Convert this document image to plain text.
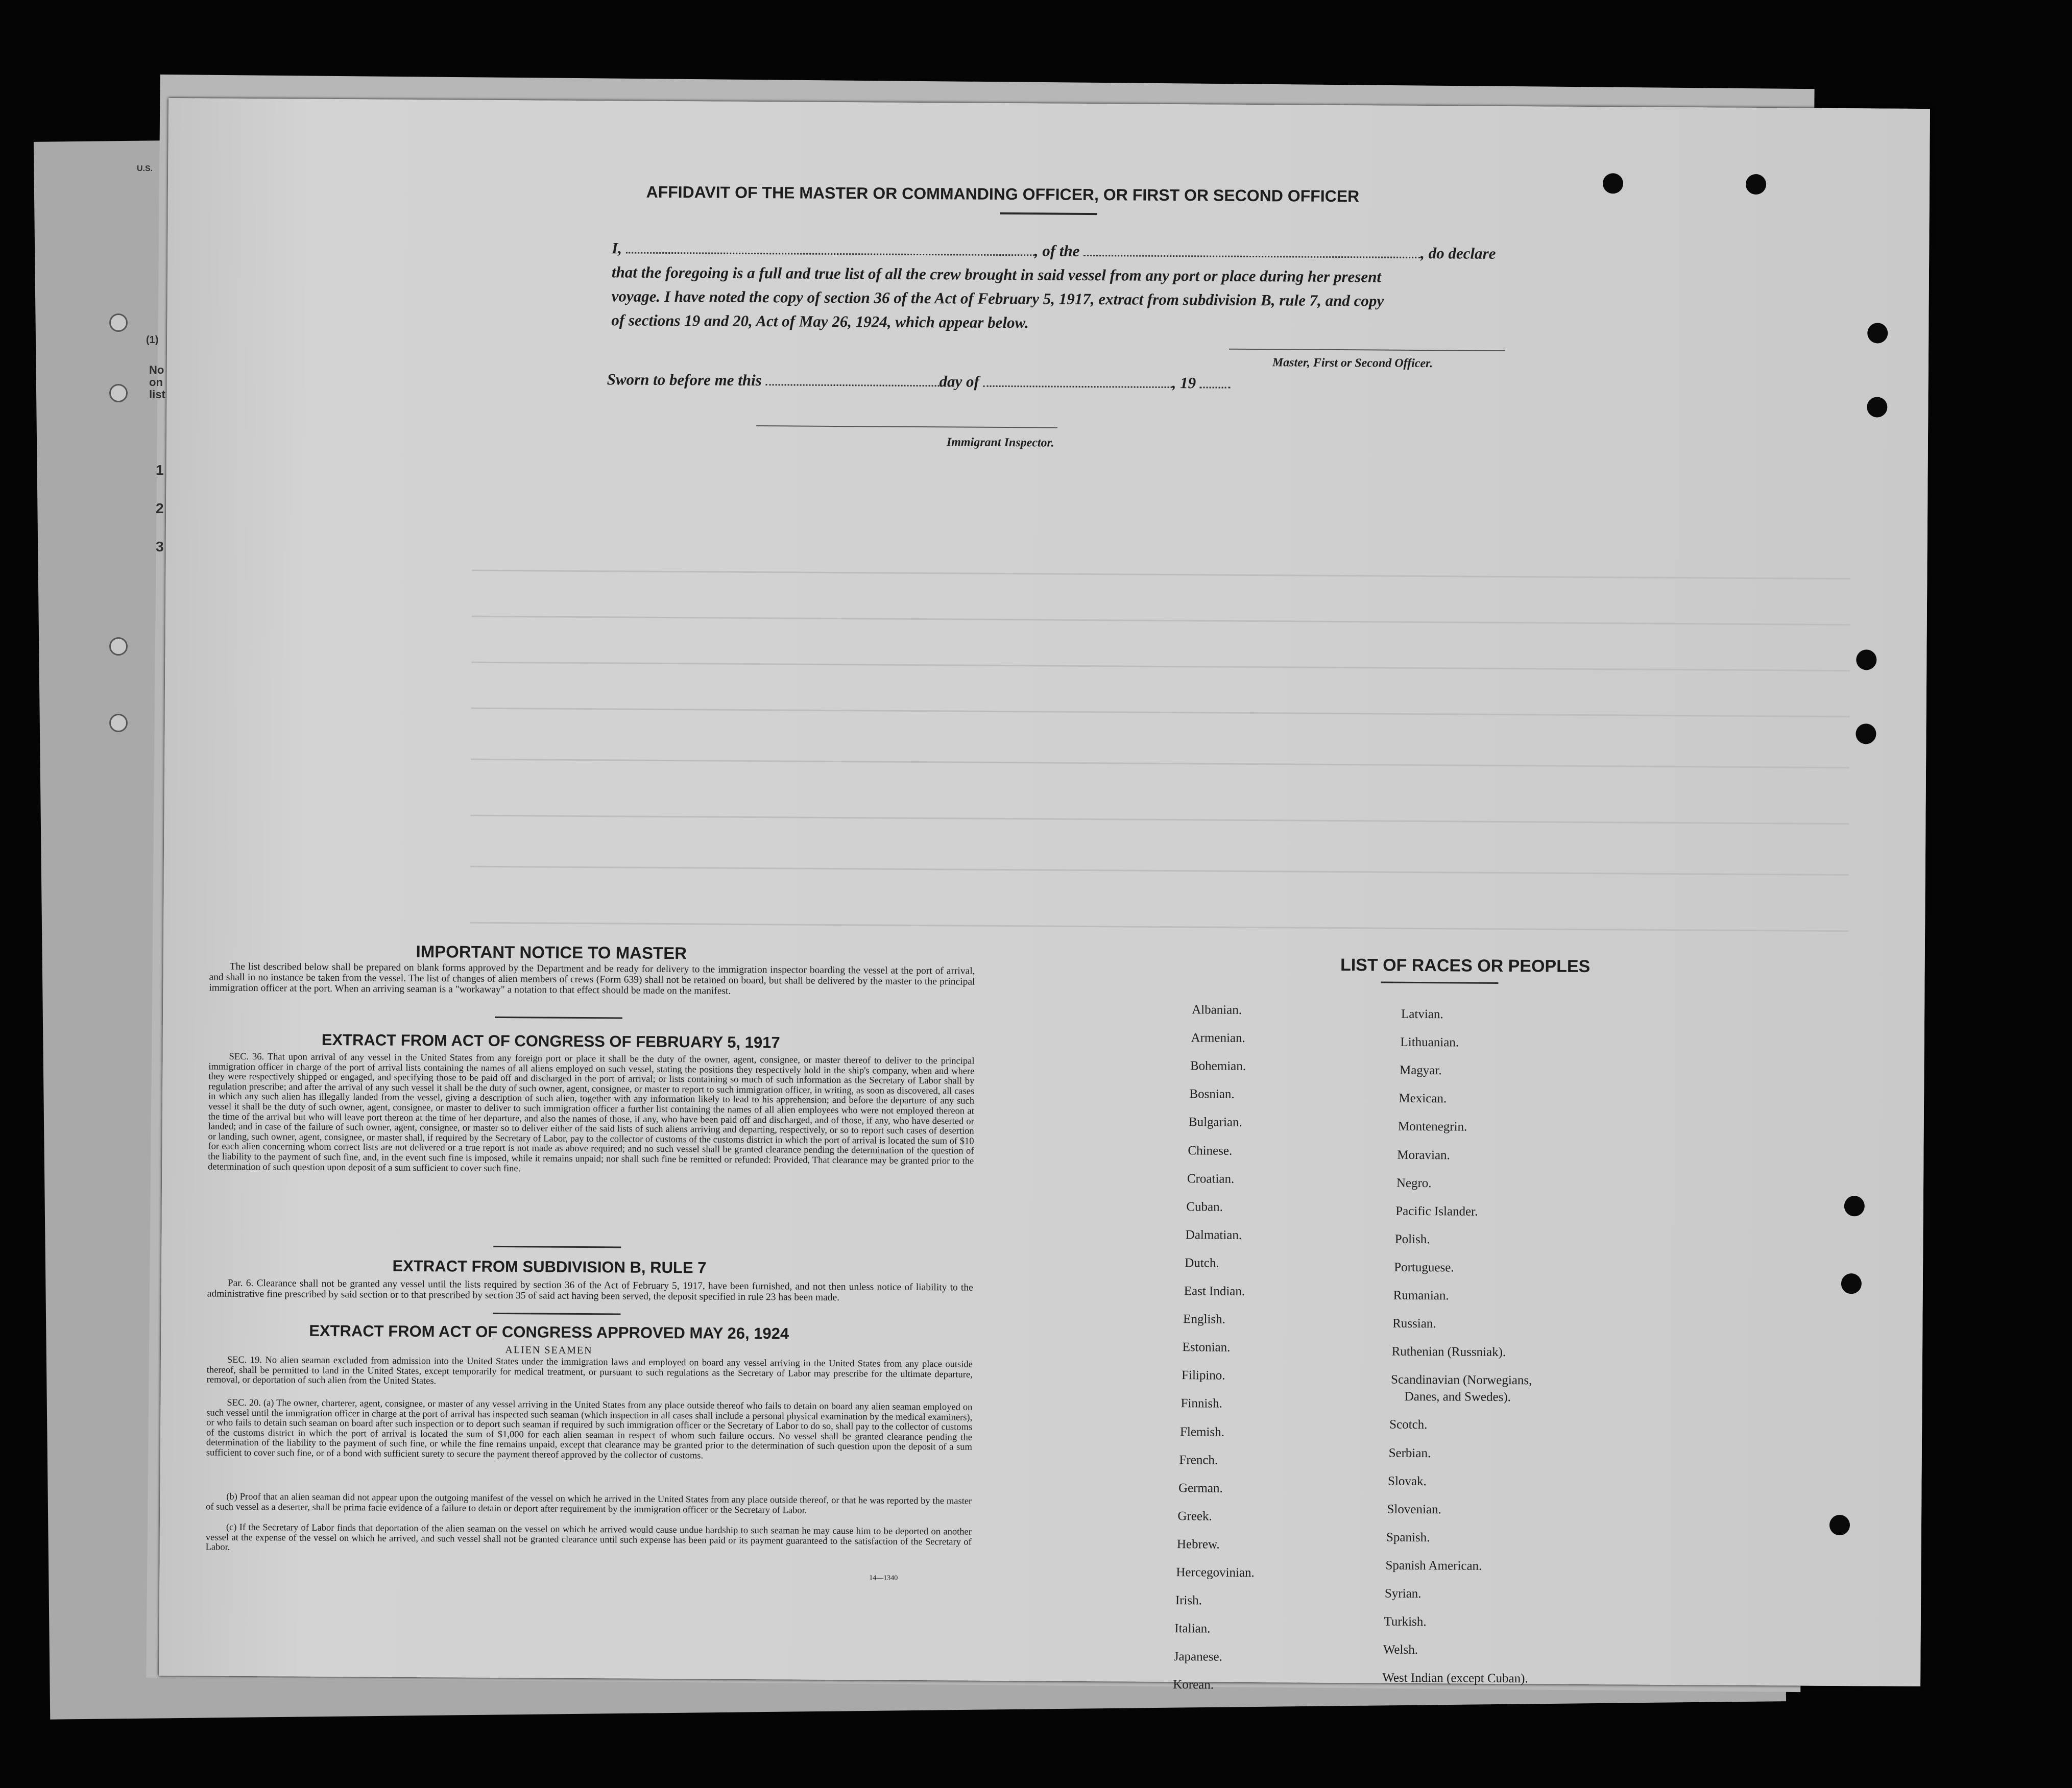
U.S.
(1)
No
on
list
1
2
3
AFFIDAVIT OF THE MASTER OR COMMANDING OFFICER, OR FIRST OR SECOND OFFICER
I,	, of the	, do declare
that the foregoing is a full and true list of all the crew brought in said vessel from any port or place during her present
voyage. I have noted the copy of section 36 of the Act of February 5, 1917, extract from subdivision B, rule 7, and copy
of sections 19 and 20, Act of May 26, 1924, which appear below.
Master, First or Second Officer.
Sworn to before me this	day of	, 19
Immigrant Inspector.
IMPORTANT NOTICE TO MASTER
The list described below shall be prepared on blank forms approved by the Department and be ready for delivery to the immigration inspector boarding the vessel at the port of arrival, and shall in no instance be taken from the vessel. The list of changes of alien members of crews (Form 639) shall not be retained on board, but shall be delivered by the master to the principal immigration officer at the port. When an arriving seaman is a "workaway" a notation to that effect should be made on the manifest.
EXTRACT FROM ACT OF CONGRESS OF FEBRUARY 5, 1917
SEC. 36. That upon arrival of any vessel in the United States from any foreign port or place it shall be the duty of the owner, agent, consignee, or master thereof to deliver to the principal immigration officer in charge of the port of arrival lists containing the names of all aliens employed on such vessel, stating the positions they respectively hold in the ship's company, when and where they were respectively shipped or engaged, and specifying those to be paid off and discharged in the port of arrival; or lists containing so much of such information as the Secretary of Labor shall by regulation prescribe; and after the arrival of any such vessel it shall be the duty of such owner, agent, consignee, or master to report to such immigration officer, in writing, as soon as discovered, all cases in which any such alien has illegally landed from the vessel, giving a description of such alien, together with any information likely to lead to his apprehension; and before the departure of any such vessel it shall be the duty of such owner, agent, consignee, or master to deliver to such immigration officer a further list containing the names of all alien employees who were not employed thereon at the time of the arrival but who will leave port thereon at the time of her departure, and also the names of those, if any, who have been paid off and discharged, and of those, if any, who have deserted or landed; and in case of the failure of such owner, agent, consignee, or master so to deliver either of the said lists of such aliens arriving and departing, respectively, or so to report such cases of desertion or landing, such owner, agent, consignee, or master shall, if required by the Secretary of Labor, pay to the collector of customs of the customs district in which the port of arrival is located the sum of $10 for each alien concerning whom correct lists are not delivered or a true report is not made as above required; and no such vessel shall be granted clearance pending the determination of the question of the liability to the payment of such fine, and, in the event such fine is imposed, while it remains unpaid; nor shall such fine be remitted or refunded: Provided, That clearance may be granted prior to the determination of such question upon deposit of a sum sufficient to cover such fine.
EXTRACT FROM SUBDIVISION B, RULE 7
Par. 6. Clearance shall not be granted any vessel until the lists required by section 36 of the Act of February 5, 1917, have been furnished, and not then unless notice of liability to the administrative fine prescribed by said section or to that prescribed by section 35 of said act having been served, the deposit specified in rule 23 has been made.
EXTRACT FROM ACT OF CONGRESS APPROVED MAY 26, 1924
ALIEN SEAMEN
SEC. 19. No alien seaman excluded from admission into the United States under the immigration laws and employed on board any vessel arriving in the United States from any place outside thereof, shall be permitted to land in the United States, except temporarily for medical treatment, or pursuant to such regulations as the Secretary of Labor may prescribe for the ultimate departure, removal, or deportation of such alien from the United States.
SEC. 20. (a) The owner, charterer, agent, consignee, or master of any vessel arriving in the United States from any place outside thereof who fails to detain on board any alien seaman employed on such vessel until the immigration officer in charge at the port of arrival has inspected such seaman (which inspection in all cases shall include a personal physical examination by the medical examiners), or who fails to detain such seaman on board after such inspection or to deport such seaman if required by such immigration officer or the Secretary of Labor to do so, shall pay to the collector of customs of the customs district in which the port of arrival is located the sum of $1,000 for each alien seaman in respect of whom such failure occurs. No vessel shall be granted clearance pending the determination of the liability to the payment of such fine, or while the fine remains unpaid, except that clearance may be granted prior to the determination of such question upon the deposit of a sum sufficient to cover such fine, or of a bond with sufficient surety to secure the payment thereof approved by the collector of customs.
(b) Proof that an alien seaman did not appear upon the outgoing manifest of the vessel on which he arrived in the United States from any place outside thereof, or that he was reported by the master of such vessel as a deserter, shall be prima facie evidence of a failure to detain or deport after requirement by the immigration officer or the Secretary of Labor.
(c) If the Secretary of Labor finds that deportation of the alien seaman on the vessel on which he arrived would cause undue hardship to such seaman he may cause him to be deported on another vessel at the expense of the vessel on which he arrived, and such vessel shall not be granted clearance until such expense has been paid or its payment guaranteed to the satisfaction of the Secretary of Labor.
14—1340
LIST OF RACES OR PEOPLES
Albanian.
Armenian.
Bohemian.
Bosnian.
Bulgarian.
Chinese.
Croatian.
Cuban.
Dalmatian.
Dutch.
East Indian.
English.
Estonian.
Filipino.
Finnish.
Flemish.
French.
German.
Greek.
Hebrew.
Hercegovinian.
Irish.
Italian.
Japanese.
Korean.
Latvian.
Lithuanian.
Magyar.
Mexican.
Montenegrin.
Moravian.
Negro.
Pacific Islander.
Polish.
Portuguese.
Rumanian.
Russian.
Ruthenian (Russniak).
Scandinavian (Norwegians,
Danes, and Swedes).
Scotch.
Serbian.
Slovak.
Slovenian.
Spanish.
Spanish American.
Syrian.
Turkish.
Welsh.
West Indian (except Cuban).
